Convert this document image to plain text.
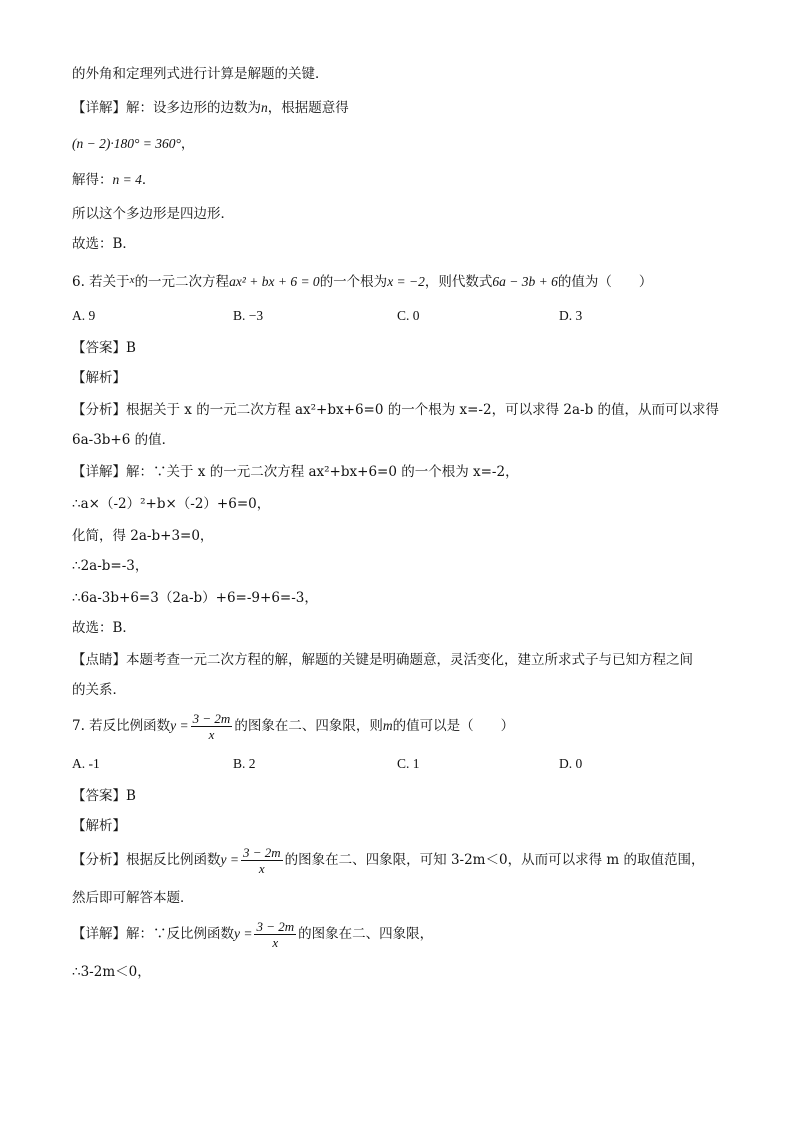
的外角和定理列式进行计算是解题的关键．
【详解】解：设多边形的边数为n，根据题意得
(n − 2)·180° = 360°，
解得：n = 4．
所以这个多边形是四边形．
故选：B．
6. 若关于$^x$的一元二次方程ax² + bx + 6 = 0的一个根为x = −2，则代数式6a − 3b + 6的值为（　　）
A. 9	B. −3	C. 0	D. 3
【答案】B
【解析】
【分析】根据关于 x 的一元二次方程 ax²+bx+6=0 的一个根为 x=-2，可以求得 2a-b 的值，从而可以求得
6a-3b+6 的值．
【详解】解：∵关于 x 的一元二次方程 ax²+bx+6=0 的一个根为 x=-2，
∴a×（-2）²+b×（-2）+6=0，
化简，得 2a-b+3=0，
∴2a-b=-3，
∴6a-3b+6=3（2a-b）+6=-9+6=-3，
故选：B．
【点睛】本题考查一元二次方程的解，解题的关键是明确题意，灵活变化，建立所求式子与已知方程之间
的关系．
7. 若反比例函数$y = \frac{3 - 2m}{x}$ 的图象在二、四象限，则m的值可以是（　　）
A. -1	B. 2	C. 1	D. 0
【答案】B
【解析】
【分析】根据反比例函数$y = \frac{3 - 2m}{x}$ 的图象在二、四象限，可知 3-2m＜0，从而可以求得 m 的取值范围，
然后即可解答本题．
【详解】解：∵反比例函数$y = \frac{3 - 2m}{x}$ 的图象在二、四象限，
∴3-2m＜0，
